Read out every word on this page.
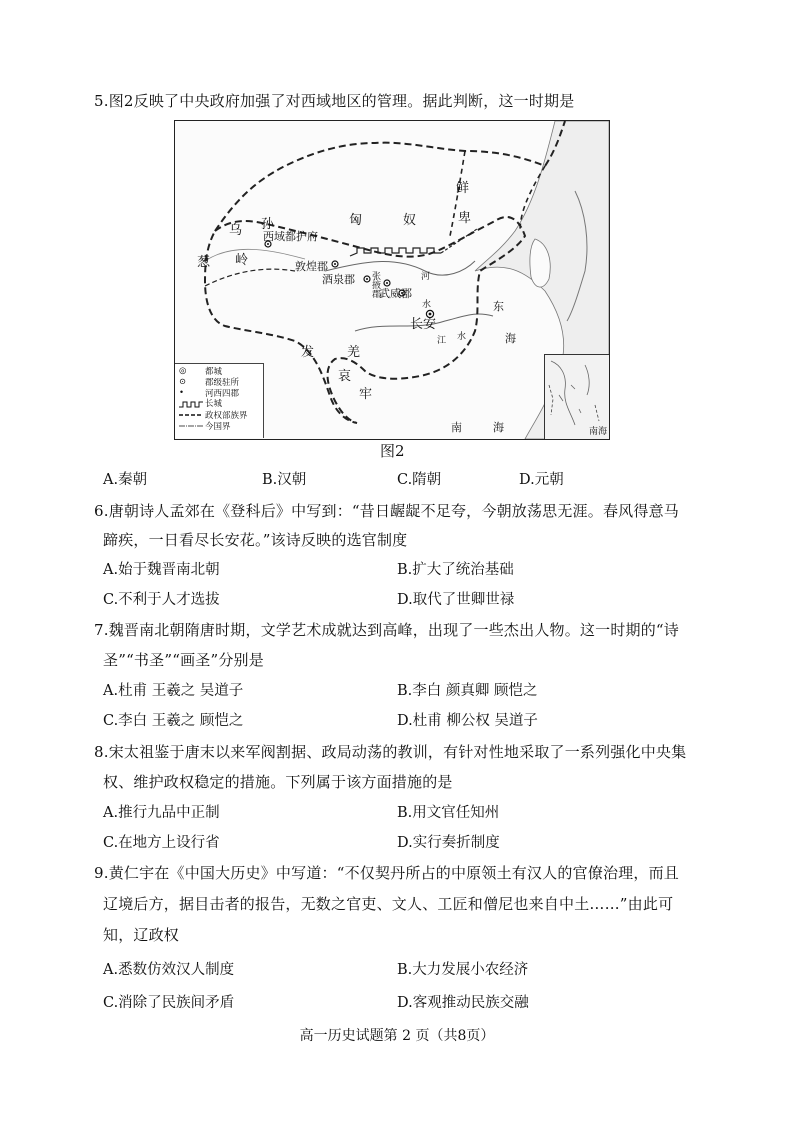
5.图2反映了中央政府加强了对西域地区的管理。据此判断，这一时期是
乌 孙	匈	奴
鲜
卑
西域都护府
葱 岭	敦煌郡
酒泉郡 张掖郡 武威郡
长安
河
水
江 水
东
海
发	羌
哀
牢
南	海
◎ 都城
⊙ 郡级驻所
• 河西四郡
长城
政权部族界
今国界	南海
图2
A.秦朝	B.汉朝	C.隋朝	D.元朝
6.唐朝诗人孟郊在《登科后》中写到：“昔日龌龊不足夸，今朝放荡思无涯。春风得意马
蹄疾，一日看尽长安花。”该诗反映的选官制度
A.始于魏晋南北朝	B.扩大了统治基础
C.不利于人才选拔	D.取代了世卿世禄
7.魏晋南北朝隋唐时期，文学艺术成就达到高峰，出现了一些杰出人物。这一时期的“诗
圣”“书圣”“画圣”分别是
A.杜甫 王羲之 吴道子	B.李白 颜真卿 顾恺之
C.李白 王羲之 顾恺之	D.杜甫 柳公权 吴道子
8.宋太祖鉴于唐末以来军阀割据、政局动荡的教训，有针对性地采取了一系列强化中央集
权、维护政权稳定的措施。下列属于该方面措施的是
A.推行九品中正制	B.用文官任知州
C.在地方上设行省	D.实行奏折制度
9.黄仁宇在《中国大历史》中写道：“不仅契丹所占的中原领土有汉人的官僚治理，而且
辽境后方，据目击者的报告，无数之官吏、文人、工匠和僧尼也来自中土……”由此可
知，辽政权
A.悉数仿效汉人制度	B.大力发展小农经济
C.消除了民族间矛盾	D.客观推动民族交融
高一历史试题第 2 页（共8页）
